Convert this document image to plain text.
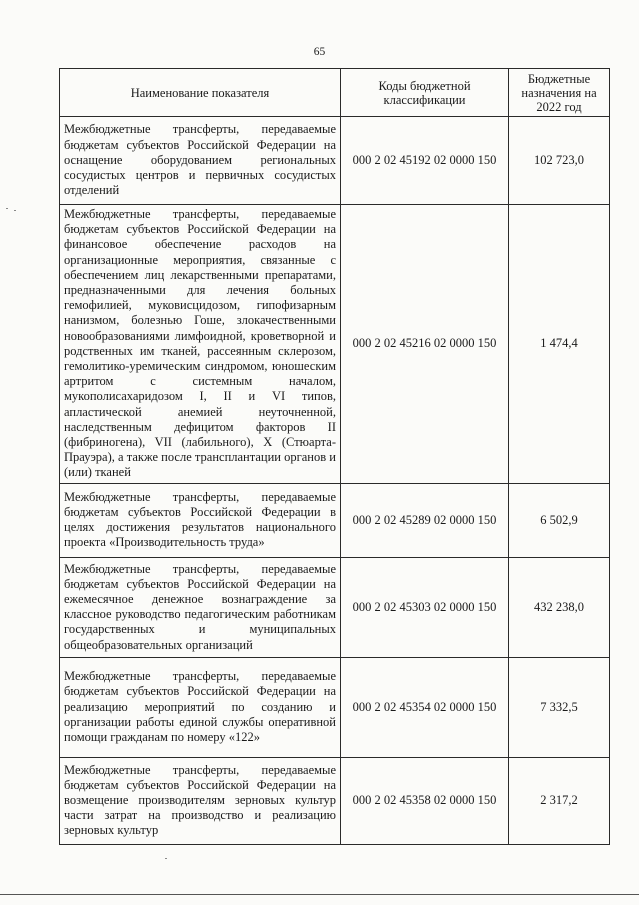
65
Наименование показателя	Коды бюджетной классификации	Бюджетные назначения на 2022 год
Межбюджетные трансферты, передаваемые бюджетам субъектов Российской Федерации на оснащение оборудованием региональных сосудистых центров и первичных сосудистых отделений	000 2 02 45192 02 0000 150	102 723,0
Межбюджетные трансферты, передаваемые бюджетам субъектов Российской Федерации на финансовое обеспечение расходов на организационные мероприятия, связанные с обеспечением лиц лекарственными препаратами, предназначенными для лечения больных гемофилией, муковисцидозом, гипофизарным нанизмом, болезнью Гоше, злокачественными новообразованиями лимфоидной, кроветворной и родственных им тканей, рассеянным склерозом, гемолитико-уремическим синдромом, юношеским артритом с системным началом, мукополисахаридозом I, II и VI типов, апластической анемией неуточненной, наследственным дефицитом факторов II (фибриногена), VII (лабильного), X (Стюарта-Прауэра), а также после трансплантации органов и (или) тканей	000 2 02 45216 02 0000 150	1 474,4
Межбюджетные трансферты, передаваемые бюджетам субъектов Российской Федерации в целях достижения результатов национального проекта «Производительность труда»	000 2 02 45289 02 0000 150	6 502,9
Межбюджетные трансферты, передаваемые бюджетам субъектов Российской Федерации на ежемесячное денежное вознаграждение за классное руководство педагогическим работникам государственных и муниципальных общеобразовательных организаций	000 2 02 45303 02 0000 150	432 238,0
Межбюджетные трансферты, передаваемые бюджетам субъектов Российской Федерации на реализацию мероприятий по созданию и организации работы единой службы оперативной помощи гражданам по номеру «122»	000 2 02 45354 02 0000 150	7 332,5
Межбюджетные трансферты, передаваемые бюджетам субъектов Российской Федерации на возмещение производителям зерновых культур части затрат на производство и реализацию зерновых культур	000 2 02 45358 02 0000 150	2 317,2
